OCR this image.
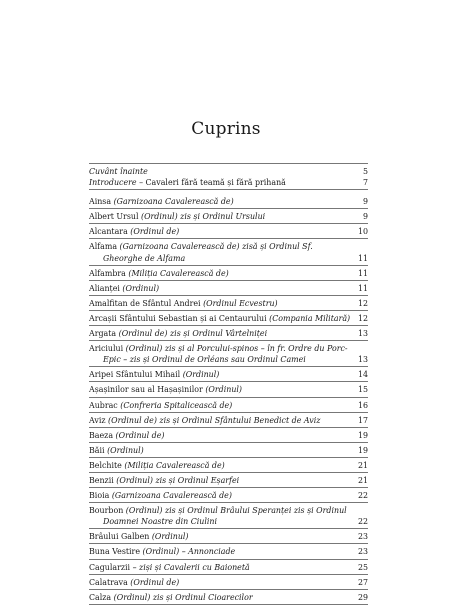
Cuprins
Cuvânt înainte	5
Introducere – Cavaleri fără teamă și fără prihană	7
Ainsa (Garnizoana Cavalerească de)	9
Albert Ursul (Ordinul) zis și Ordinul Ursului	9
Alcantara (Ordinul de)	10
Alfama (Garnizoana Cavalerească de) zisă și Ordinul Sf. Gheorghe de Alfama	11
Alfambra (Miliția Cavalerească de)	11
Alianței (Ordinul)	11
Amalfitan de Sfântul Andrei (Ordinul Ecvestru)	12
Arcașii Sfântului Sebastian și ai Centaurului (Compania Militară) 12
Argata (Ordinul de) zis și Ordinul Vârtelniței	13
Ariciului (Ordinul) zis și al Porcului-spinos – în fr. Ordre du Porc-Epic – zis și Ordinul de Orléans sau Ordinul Camei	13
Aripei Sfântului Mihail (Ordinul)	14
Așașinilor sau al Hașașinilor (Ordinul)	15
Aubrac (Confreria Spitalicească de)	16
Aviz (Ordinul de) zis și Ordinul Sfântului Benedict de Aviz	17
Baeza (Ordinul de)	19
Băii (Ordinul)	19
Belchite (Miliția Cavalerească de)	21
Benzii (Ordinul) zis și Ordinul Eșarfei	21
Bioia (Garnizoana Cavalerească de)	22
Bourbon (Ordinul) zis și Ordinul Brâului Speranței zis și Ordinul Doamnei Noastre din Ciulini	22
Brâului Galben (Ordinul)	23
Buna Vestire (Ordinul) – Annonciade	23
Cagularzii – ziși și Cavalerii cu Baionetă	25
Calatrava (Ordinul de)	27
Calza (Ordinul) zis și Ordinul Cioarecilor	29
